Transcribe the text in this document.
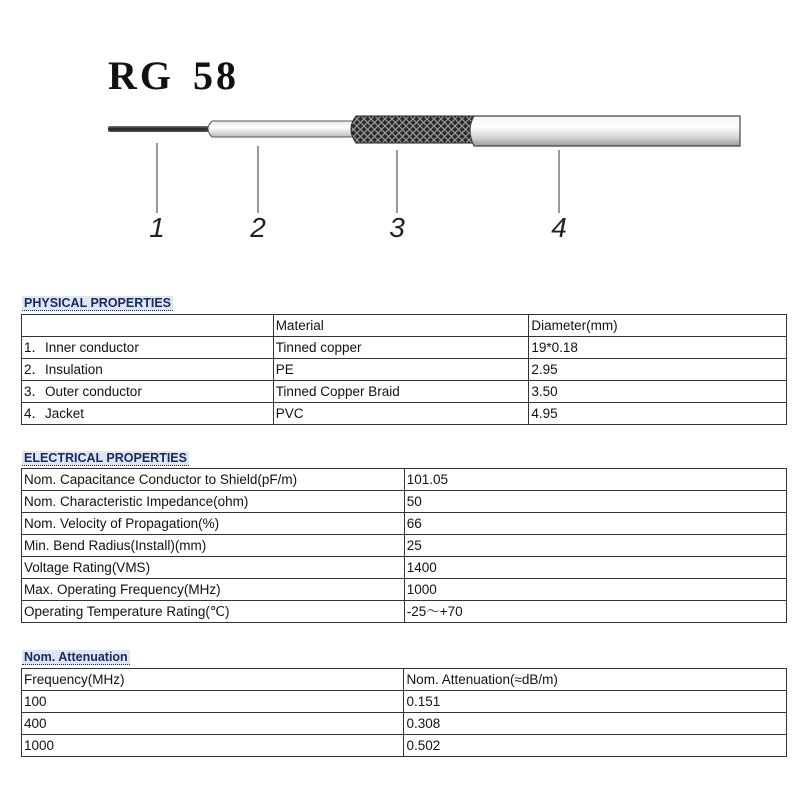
RG 58
1	2	3	4
PHYSICAL PROPERTIES
	Material	Diameter(mm)
1．Inner conductor	Tinned copper	19*0.18
2．Insulation	PE	2.95
3．Outer conductor	Tinned Copper Braid	3.50
4．Jacket	PVC	4.95
ELECTRICAL PROPERTIES
Nom. Capacitance Conductor to Shield(pF/m)	101.05
Nom. Characteristic Impedance(ohm)	50
Nom. Velocity of Propagation(%)	66
Min. Bend Radius(Install)(mm)	25
Voltage Rating(VMS)	1400
Max. Operating Frequency(MHz)	1000
Operating Temperature Rating(℃)	-25～+70
Nom. Attenuation
Frequency(MHz)	Nom. Attenuation(≈dB/m)
100	0.151
400	0.308
1000	0.502
